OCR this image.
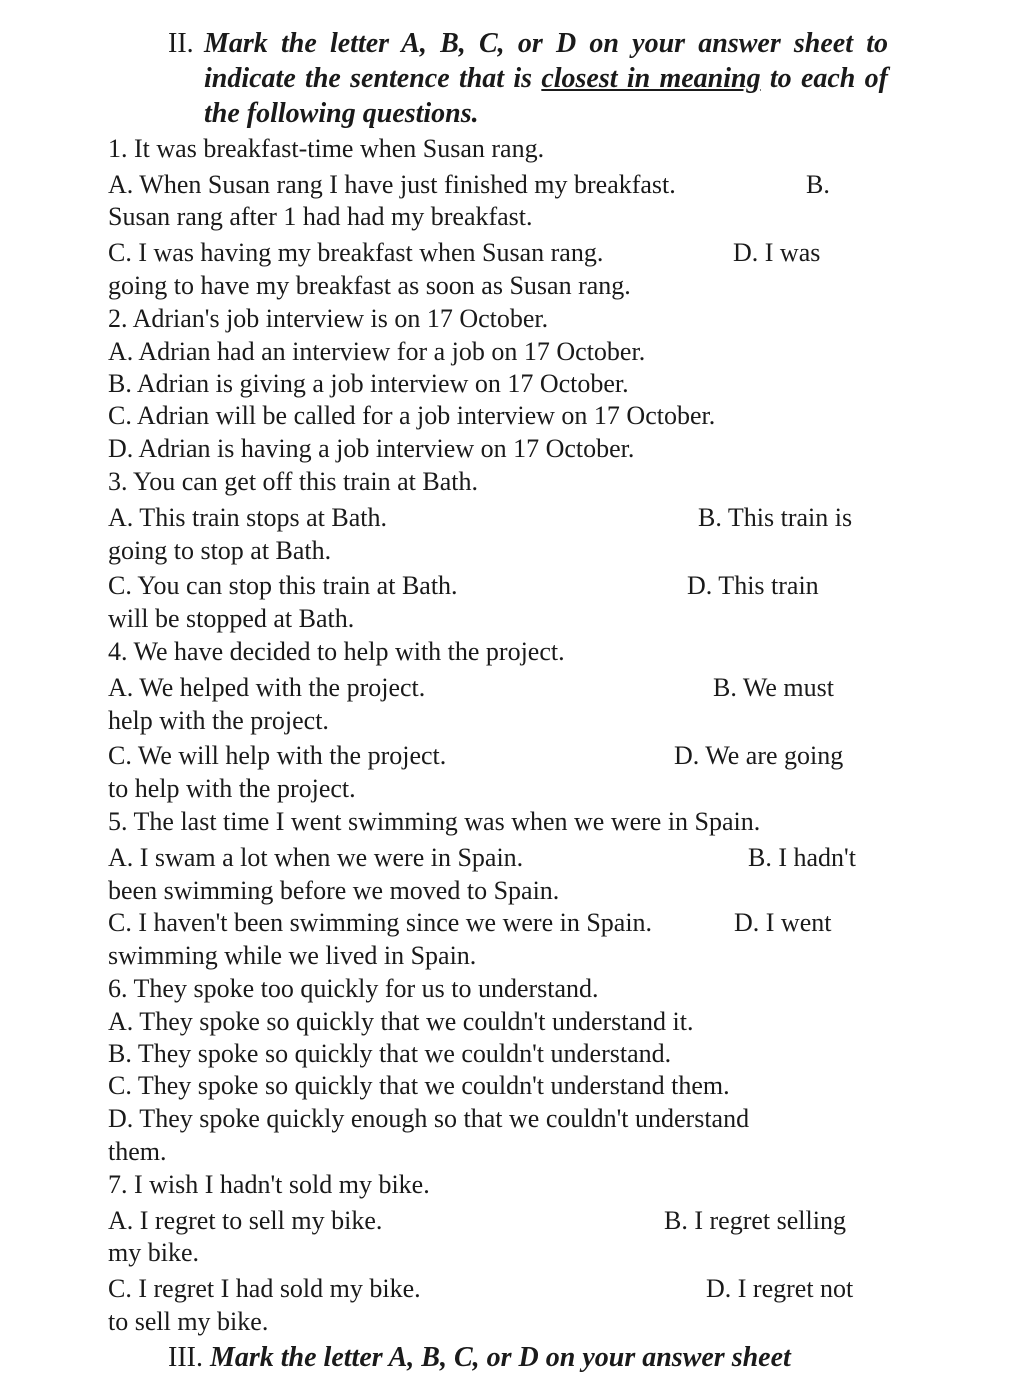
II. Mark the letter A, B, C, or D on your answer sheet to indicate the sentence that is closest in meaning to each of the following questions.
1. It was breakfast-time when Susan rang.
A. When Susan rang I have just finished my breakfast.	B.
Susan rang after 1 had had my breakfast.
C. I was having my breakfast when Susan rang.	D. I was
going to have my breakfast as soon as Susan rang.
2. Adrian's job interview is on 17 October.
A. Adrian had an interview for a job on 17 October.
B. Adrian is giving a job interview on 17 October.
C. Adrian will be called for a job interview on 17 October.
D. Adrian is having a job interview on 17 October.
3. You can get off this train at Bath.
A. This train stops at Bath.	B. This train is
going to stop at Bath.
C. You can stop this train at Bath.	D. This train
will be stopped at Bath.
4. We have decided to help with the project.
A. We helped with the project.	B. We must
help with the project.
C. We will help with the project.	D. We are going
to help with the project.
5. The last time I went swimming was when we were in Spain.
A. I swam a lot when we were in Spain.	B. I hadn't
been swimming before we moved to Spain.
C. I haven't been swimming since we were in Spain.	D. I went
swimming while we lived in Spain.
6. They spoke too quickly for us to understand.
A. They spoke so quickly that we couldn't understand it.
B. They spoke so quickly that we couldn't understand.
C. They spoke so quickly that we couldn't understand them.
D. They spoke quickly enough so that we couldn't understand
them.
7. I wish I hadn't sold my bike.
A. I regret to sell my bike.	B. I regret selling
my bike.
C. I regret I had sold my bike.	D. I regret not
to sell my bike.
III. Mark the letter A, B, C, or D on your answer sheet
